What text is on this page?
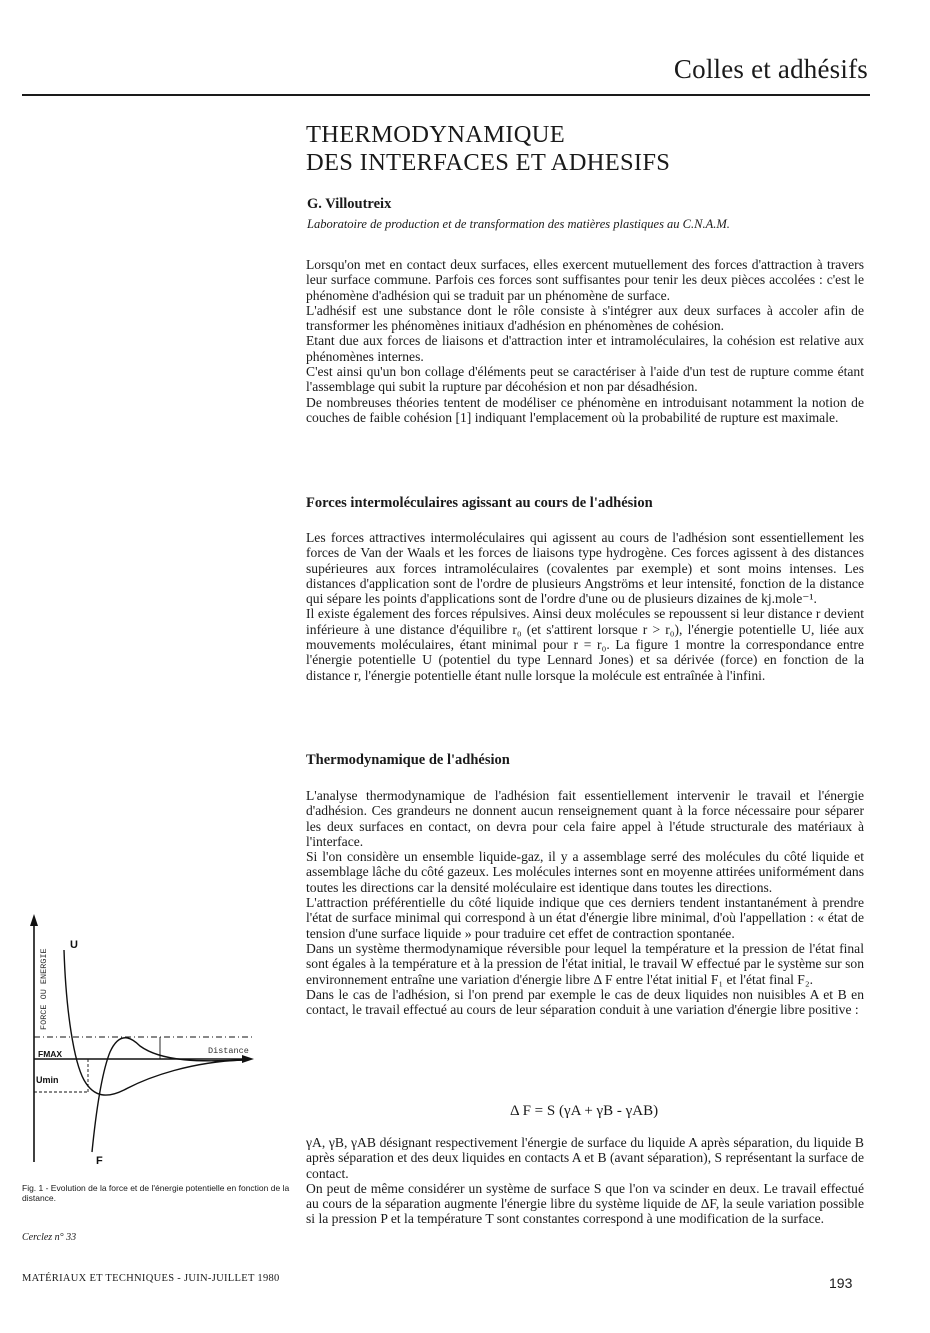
Colles et adhésifs
THERMODYNAMIQUE
DES INTERFACES ET ADHESIFS
G. Villoutreix
Laboratoire de production et de transformation des matières plastiques au C.N.A.M.

Lorsqu'on met en contact deux surfaces, elles exercent mutuellement des forces d'attraction à travers leur surface commune. Parfois ces forces sont suffisantes pour tenir les deux pièces accolées : c'est le phénomène d'adhésion qui se traduit par un phénomène de surface.

L'adhésif est une substance dont le rôle consiste à s'intégrer aux deux surfaces à accoler afin de transformer les phénomènes initiaux d'adhésion en phénomènes de cohésion.

Etant due aux forces de liaisons et d'attraction inter et intramoléculaires, la cohésion est relative aux phénomènes internes.

C'est ainsi qu'un bon collage d'éléments peut se caractériser à l'aide d'un test de rupture comme étant l'assemblage qui subit la rupture par décohésion et non par désadhésion.

De nombreuses théories tentent de modéliser ce phénomène en introduisant notamment la notion de couches de faible cohésion [1] indiquant l'emplacement où la probabilité de rupture est maximale.

Forces intermoléculaires agissant au cours de l'adhésion

Les forces attractives intermoléculaires qui agissent au cours de l'adhésion sont essentiellement les forces de Van der Waals et les forces de liaisons type hydrogène. Ces forces agissent à des distances supérieures aux forces intramoléculaires (covalentes par exemple) et sont moins intenses. Les distances d'application sont de l'ordre de plusieurs Angströms et leur intensité, fonction de la distance qui sépare les points d'applications sont de l'ordre d'une ou de plusieurs dizaines de kj.mole⁻¹.

Il existe également des forces répulsives. Ainsi deux molécules se repoussent si leur distance r devient inférieure à une distance d'équilibre r₀ (et s'attirent lorsque r > r₀), l'énergie potentielle U, liée aux mouvements moléculaires, étant minimal pour r = r₀. La figure 1 montre la correspondance entre l'énergie potentielle U (potentiel du type Lennard Jones) et sa dérivée (force) en fonction de la distance r, l'énergie potentielle étant nulle lorsque la molécule est entraînée à l'infini.

Thermodynamique de l'adhésion

L'analyse thermodynamique de l'adhésion fait essentiellement intervenir le travail et l'énergie d'adhésion. Ces grandeurs ne donnent aucun renseignement quant à la force nécessaire pour séparer les deux surfaces en contact, on devra pour cela faire appel à l'étude structurale des matériaux à l'interface.

Si l'on considère un ensemble liquide-gaz, il y a assemblage serré des molécules du côté liquide et assemblage lâche du côté gazeux. Les molécules internes sont en moyenne attirées uniformément dans toutes les directions car la densité moléculaire est identique dans toutes les directions.

L'attraction préférentielle du côté liquide indique que ces derniers tendent instantanément à prendre l'état de surface minimal qui correspond à un état d'énergie libre minimal, d'où l'appellation : « état de tension d'une surface liquide » pour traduire cet effet de contraction spontanée.

Dans un système thermodynamique réversible pour lequel la température et la pression de l'état final sont égales à la température et à la pression de l'état initial, le travail W effectué par le système sur son environnement entraîne une variation d'énergie libre Δ F entre l'état initial F₁ et l'état final F₂.

Dans le cas de l'adhésion, si l'on prend par exemple le cas de deux liquides non nuisibles A et B en contact, le travail effectué au cours de leur séparation conduit à une variation d'énergie libre positive :

Δ F = S (γA + γB - γAB)

γA, γB, γAB désignant respectivement l'énergie de surface du liquide A après séparation, du liquide B après séparation et des deux liquides en contacts A et B (avant séparation), S représentant la surface de contact.

On peut de même considérer un système de surface S que l'on va scinder en deux. Le travail effectué au cours de la séparation augmente l'énergie libre du système liquide de ΔF, la seule variation possible si la pression P et la température T sont constantes correspond à une modification de la surface.

FORCE OU ENERGIE
U
F
FMAX
Umin
Distance
Fig. 1 - Evolution de la force et de l'énergie potentielle en fonction de la distance.
Cerclez n° 33
MATÉRIAUX ET TECHNIQUES - JUIN-JUILLET 1980	193
